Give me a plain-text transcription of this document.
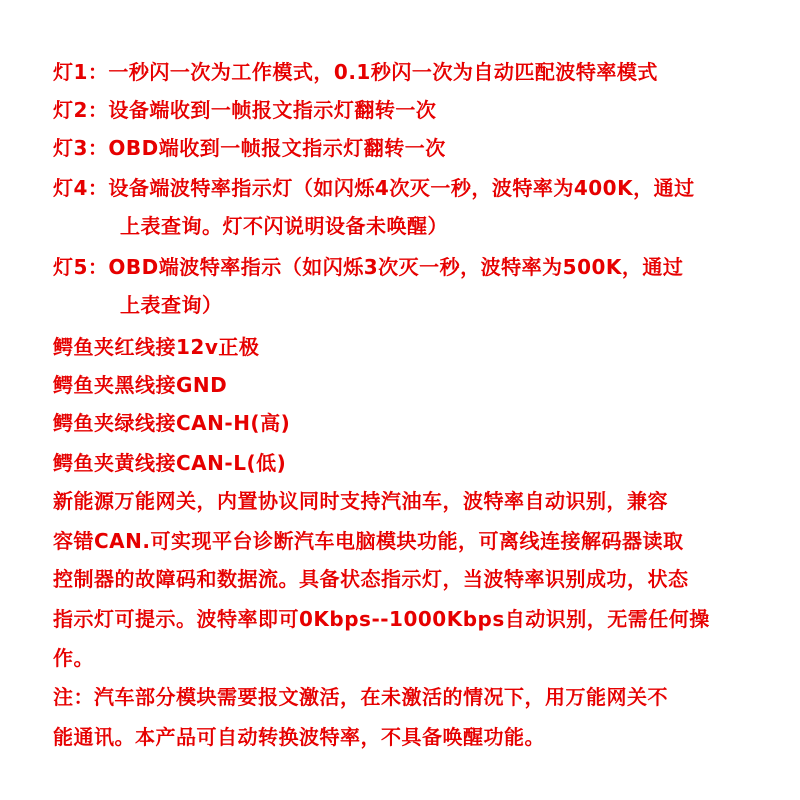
灯1：一秒闪一次为工作模式，0.1秒闪一次为自动匹配波特率模式
灯2：设备端收到一帧报文指示灯翻转一次
灯3：OBD端收到一帧报文指示灯翻转一次
灯4：设备端波特率指示灯（如闪烁4次灭一秒，波特率为400K，通过
上表查询。灯不闪说明设备未唤醒）
灯5：OBD端波特率指示（如闪烁3次灭一秒，波特率为500K，通过
上表查询）
鳄鱼夹红线接12v正极
鳄鱼夹黑线接GND
鳄鱼夹绿线接CAN-H(高)
鳄鱼夹黄线接CAN-L(低)
新能源万能网关，内置协议同时支持汽油车，波特率自动识别，兼容
容错CAN.可实现平台诊断汽车电脑模块功能，可离线连接解码器读取
控制器的故障码和数据流。具备状态指示灯，当波特率识别成功，状态
指示灯可提示。波特率即可0Kbps--1000Kbps自动识别，无需任何操
作。
注：汽车部分模块需要报文激活，在未激活的情况下，用万能网关不
能通讯。本产品可自动转换波特率，不具备唤醒功能。
